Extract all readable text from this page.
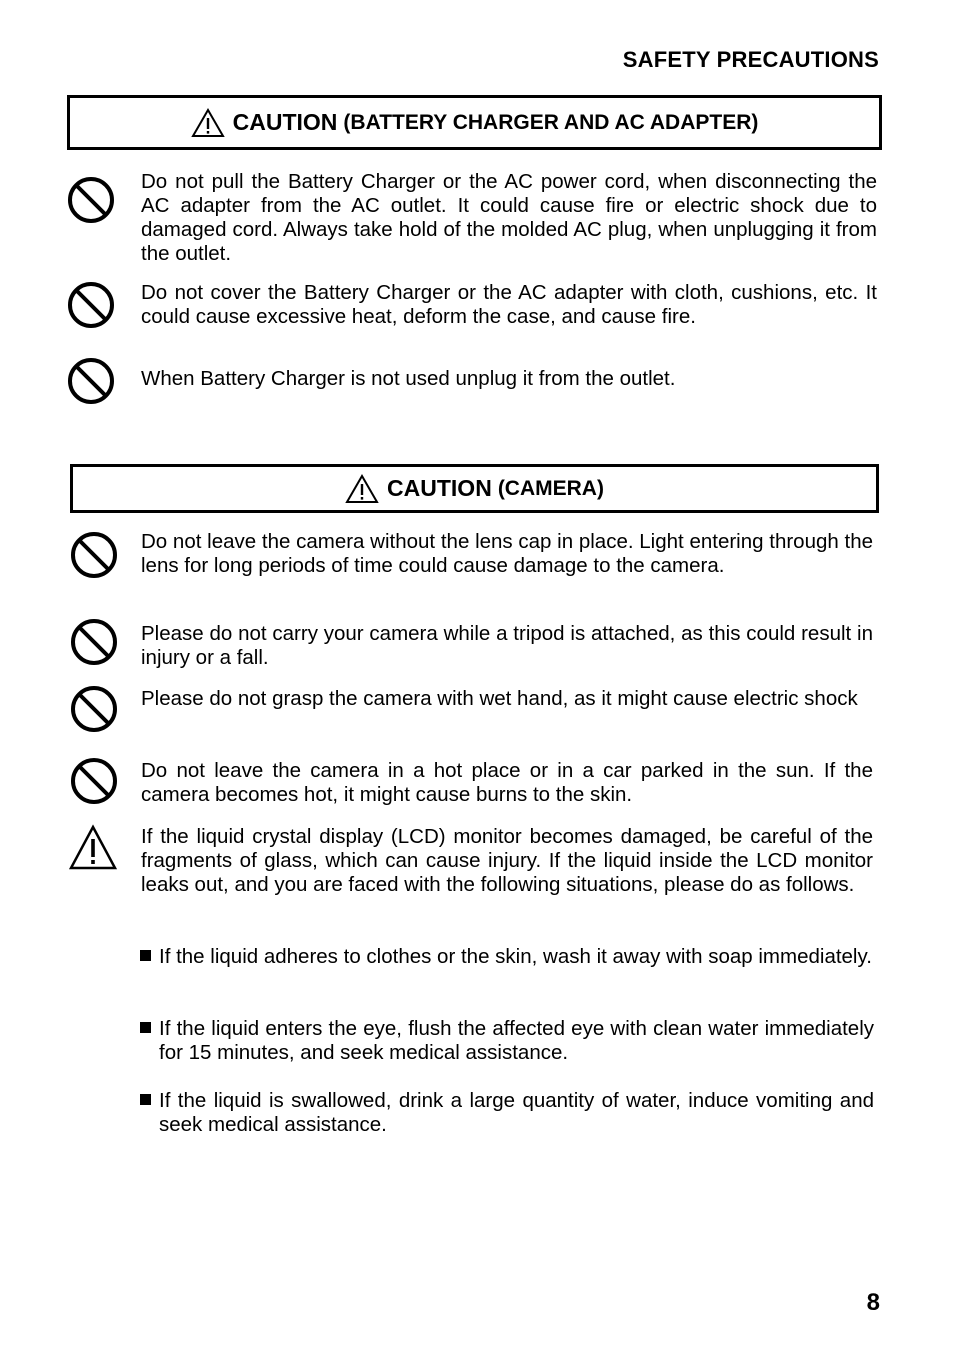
SAFETY PRECAUTIONS
CAUTION (BATTERY CHARGER AND AC ADAPTER)
Do not pull the Battery Charger or the AC power cord, when disconnecting the AC adapter from the AC outlet. It could cause fire or electric shock due to damaged cord. Always take hold of the molded AC plug, when unplugging it from the outlet.
Do not cover the Battery Charger or the AC adapter with cloth, cushions, etc. It could cause excessive heat, deform the case, and cause fire.
When Battery Charger is not used unplug it from the outlet.
CAUTION (CAMERA)
Do not leave the camera without the lens cap in place. Light entering through the lens for long periods of time could cause damage to the camera.
Please do not carry your camera while a tripod is attached, as this could result in injury or a fall.
Please do not grasp the camera with wet hand, as it might cause electric shock
Do not leave the camera in a hot place or in a car parked in the sun. If the camera becomes hot, it might cause burns to the skin.
If the liquid crystal display (LCD) monitor becomes damaged, be careful of the fragments of glass, which can cause injury. If the liquid inside the LCD monitor leaks out, and you are faced with the following situations, please do as follows.
If the liquid adheres to clothes or the skin, wash it away with soap immediately.
If the liquid enters the eye, flush the affected eye with clean water immediately for 15 minutes, and seek medical assistance.
If the liquid is swallowed, drink a large quantity of water, induce vomiting and seek medical assistance.
8
